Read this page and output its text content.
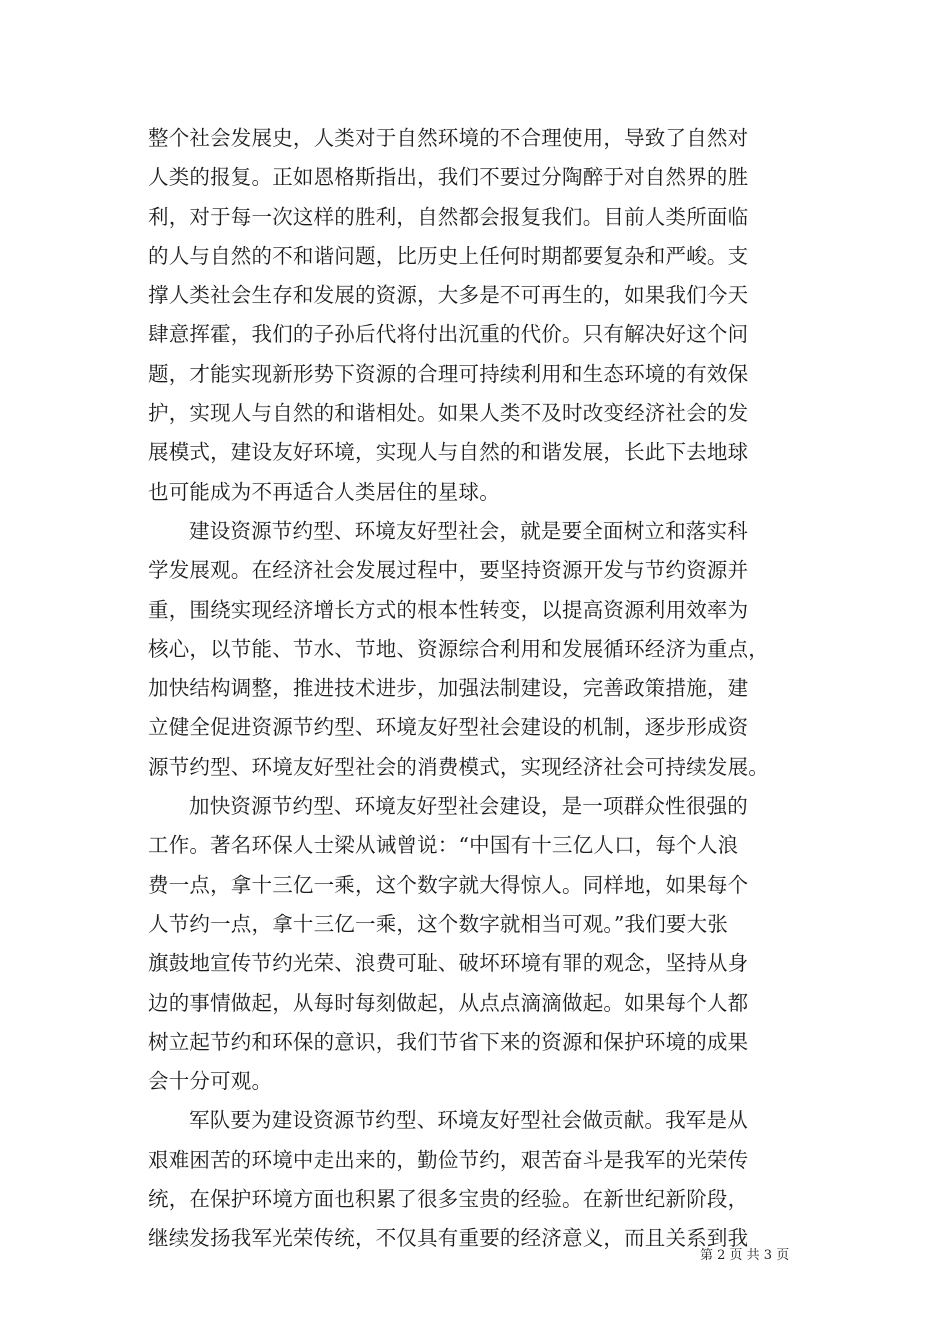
整个社会发展史，人类对于自然环境的不合理使用，导致了自然对
人类的报复。正如恩格斯指出，我们不要过分陶醉于对自然界的胜
利，对于每一次这样的胜利，自然都会报复我们。目前人类所面临
的人与自然的不和谐问题，比历史上任何时期都要复杂和严峻。支
撑人类社会生存和发展的资源，大多是不可再生的，如果我们今天
肆意挥霍，我们的子孙后代将付出沉重的代价。只有解决好这个问
题，才能实现新形势下资源的合理可持续利用和生态环境的有效保
护，实现人与自然的和谐相处。如果人类不及时改变经济社会的发
展模式，建设友好环境，实现人与自然的和谐发展，长此下去地球
也可能成为不再适合人类居住的星球。
建设资源节约型、环境友好型社会，就是要全面树立和落实科
学发展观。在经济社会发展过程中，要坚持资源开发与节约资源并
重，围绕实现经济增长方式的根本性转变，以提高资源利用效率为
核心，以节能、节水、节地、资源综合利用和发展循环经济为重点，
加快结构调整，推进技术进步，加强法制建设，完善政策措施，建
立健全促进资源节约型、环境友好型社会建设的机制，逐步形成资
源节约型、环境友好型社会的消费模式，实现经济社会可持续发展。
加快资源节约型、环境友好型社会建设，是一项群众性很强的
工作。著名环保人士梁从诫曾说：“中国有十三亿人口，每个人浪
费一点，拿十三亿一乘，这个数字就大得惊人。同样地，如果每个
人节约一点，拿十三亿一乘，这个数字就相当可观。”我们要大张
旗鼓地宣传节约光荣、浪费可耻、破坏环境有罪的观念，坚持从身
边的事情做起，从每时每刻做起，从点点滴滴做起。如果每个人都
树立起节约和环保的意识，我们节省下来的资源和保护环境的成果
会十分可观。
军队要为建设资源节约型、环境友好型社会做贡献。我军是从
艰难困苦的环境中走出来的，勤俭节约，艰苦奋斗是我军的光荣传
统，在保护环境方面也积累了很多宝贵的经验。在新世纪新阶段，
继续发扬我军光荣传统，不仅具有重要的经济意义，而且关系到我
第 2 页 共 3 页
